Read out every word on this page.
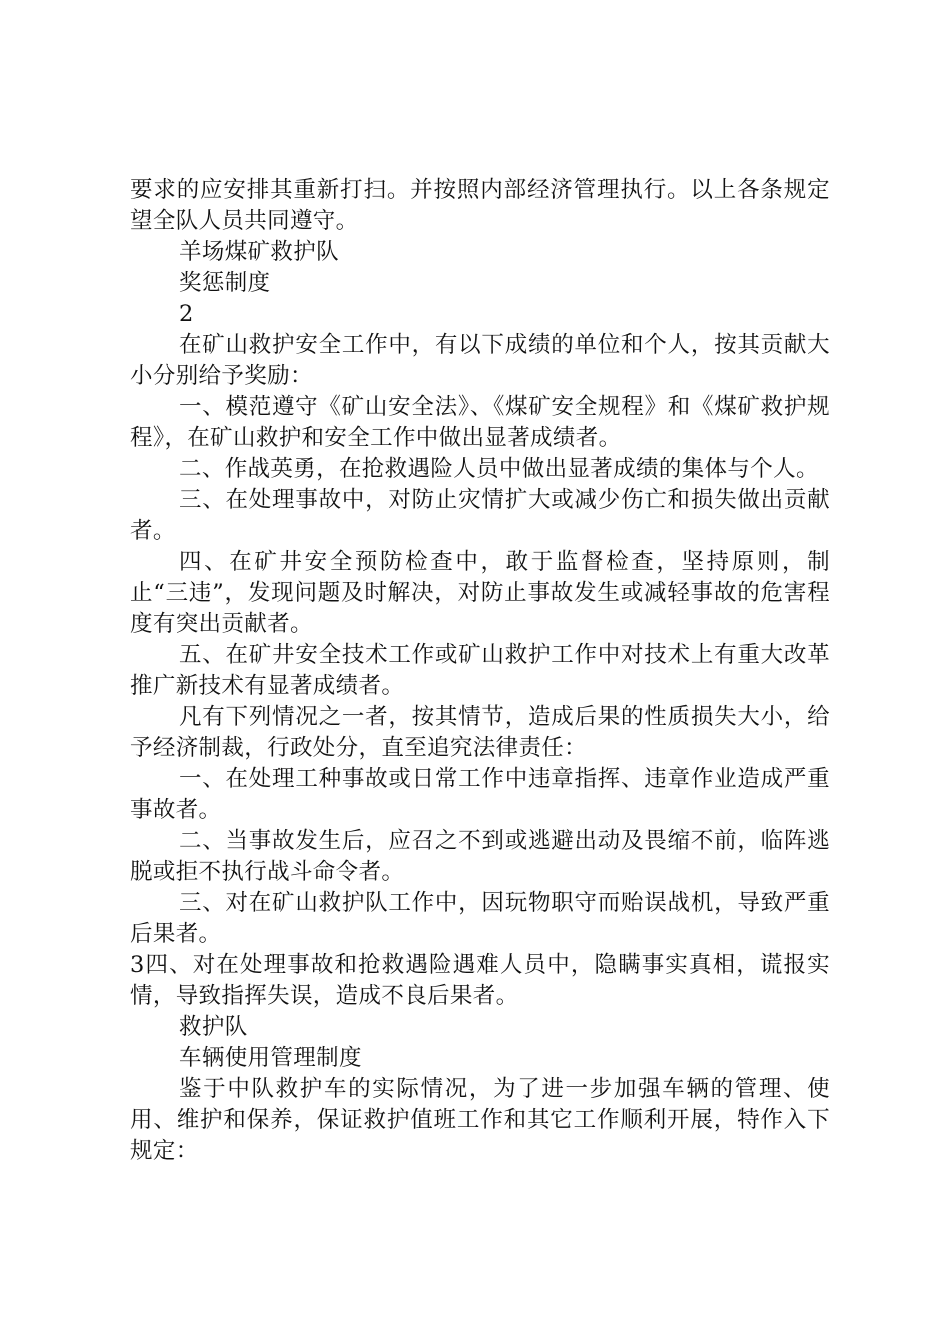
要求的应安排其重新打扫。并按照内部经济管理执行。以上各条规定望全队人员共同遵守。

羊场煤矿救护队

奖惩制度

2

在矿山救护安全工作中，有以下成绩的单位和个人，按其贡献大小分别给予奖励：

一、模范遵守《矿山安全法》、《煤矿安全规程》和《煤矿救护规程》，在矿山救护和安全工作中做出显著成绩者。

二、作战英勇，在抢救遇险人员中做出显著成绩的集体与个人。

三、在处理事故中，对防止灾情扩大或减少伤亡和损失做出贡献者。

四、在矿井安全预防检查中，敢于监督检查，坚持原则，制止“三违”，发现问题及时解决，对防止事故发生或减轻事故的危害程度有突出贡献者。

五、在矿井安全技术工作或矿山救护工作中对技术上有重大改革推广新技术有显著成绩者。

凡有下列情况之一者，按其情节，造成后果的性质损失大小，给予经济制裁，行政处分，直至追究法律责任：

一、在处理工种事故或日常工作中违章指挥、违章作业造成严重事故者。

二、当事故发生后，应召之不到或逃避出动及畏缩不前，临阵逃脱或拒不执行战斗命令者。

三、对在矿山救护队工作中，因玩物职守而贻误战机，导致严重后果者。

3四、对在处理事故和抢救遇险遇难人员中，隐瞒事实真相，谎报实情，导致指挥失误，造成不良后果者。

救护队

车辆使用管理制度

鉴于中队救护车的实际情况，为了进一步加强车辆的管理、使用、维护和保养，保证救护值班工作和其它工作顺利开展，特作入下规定：
